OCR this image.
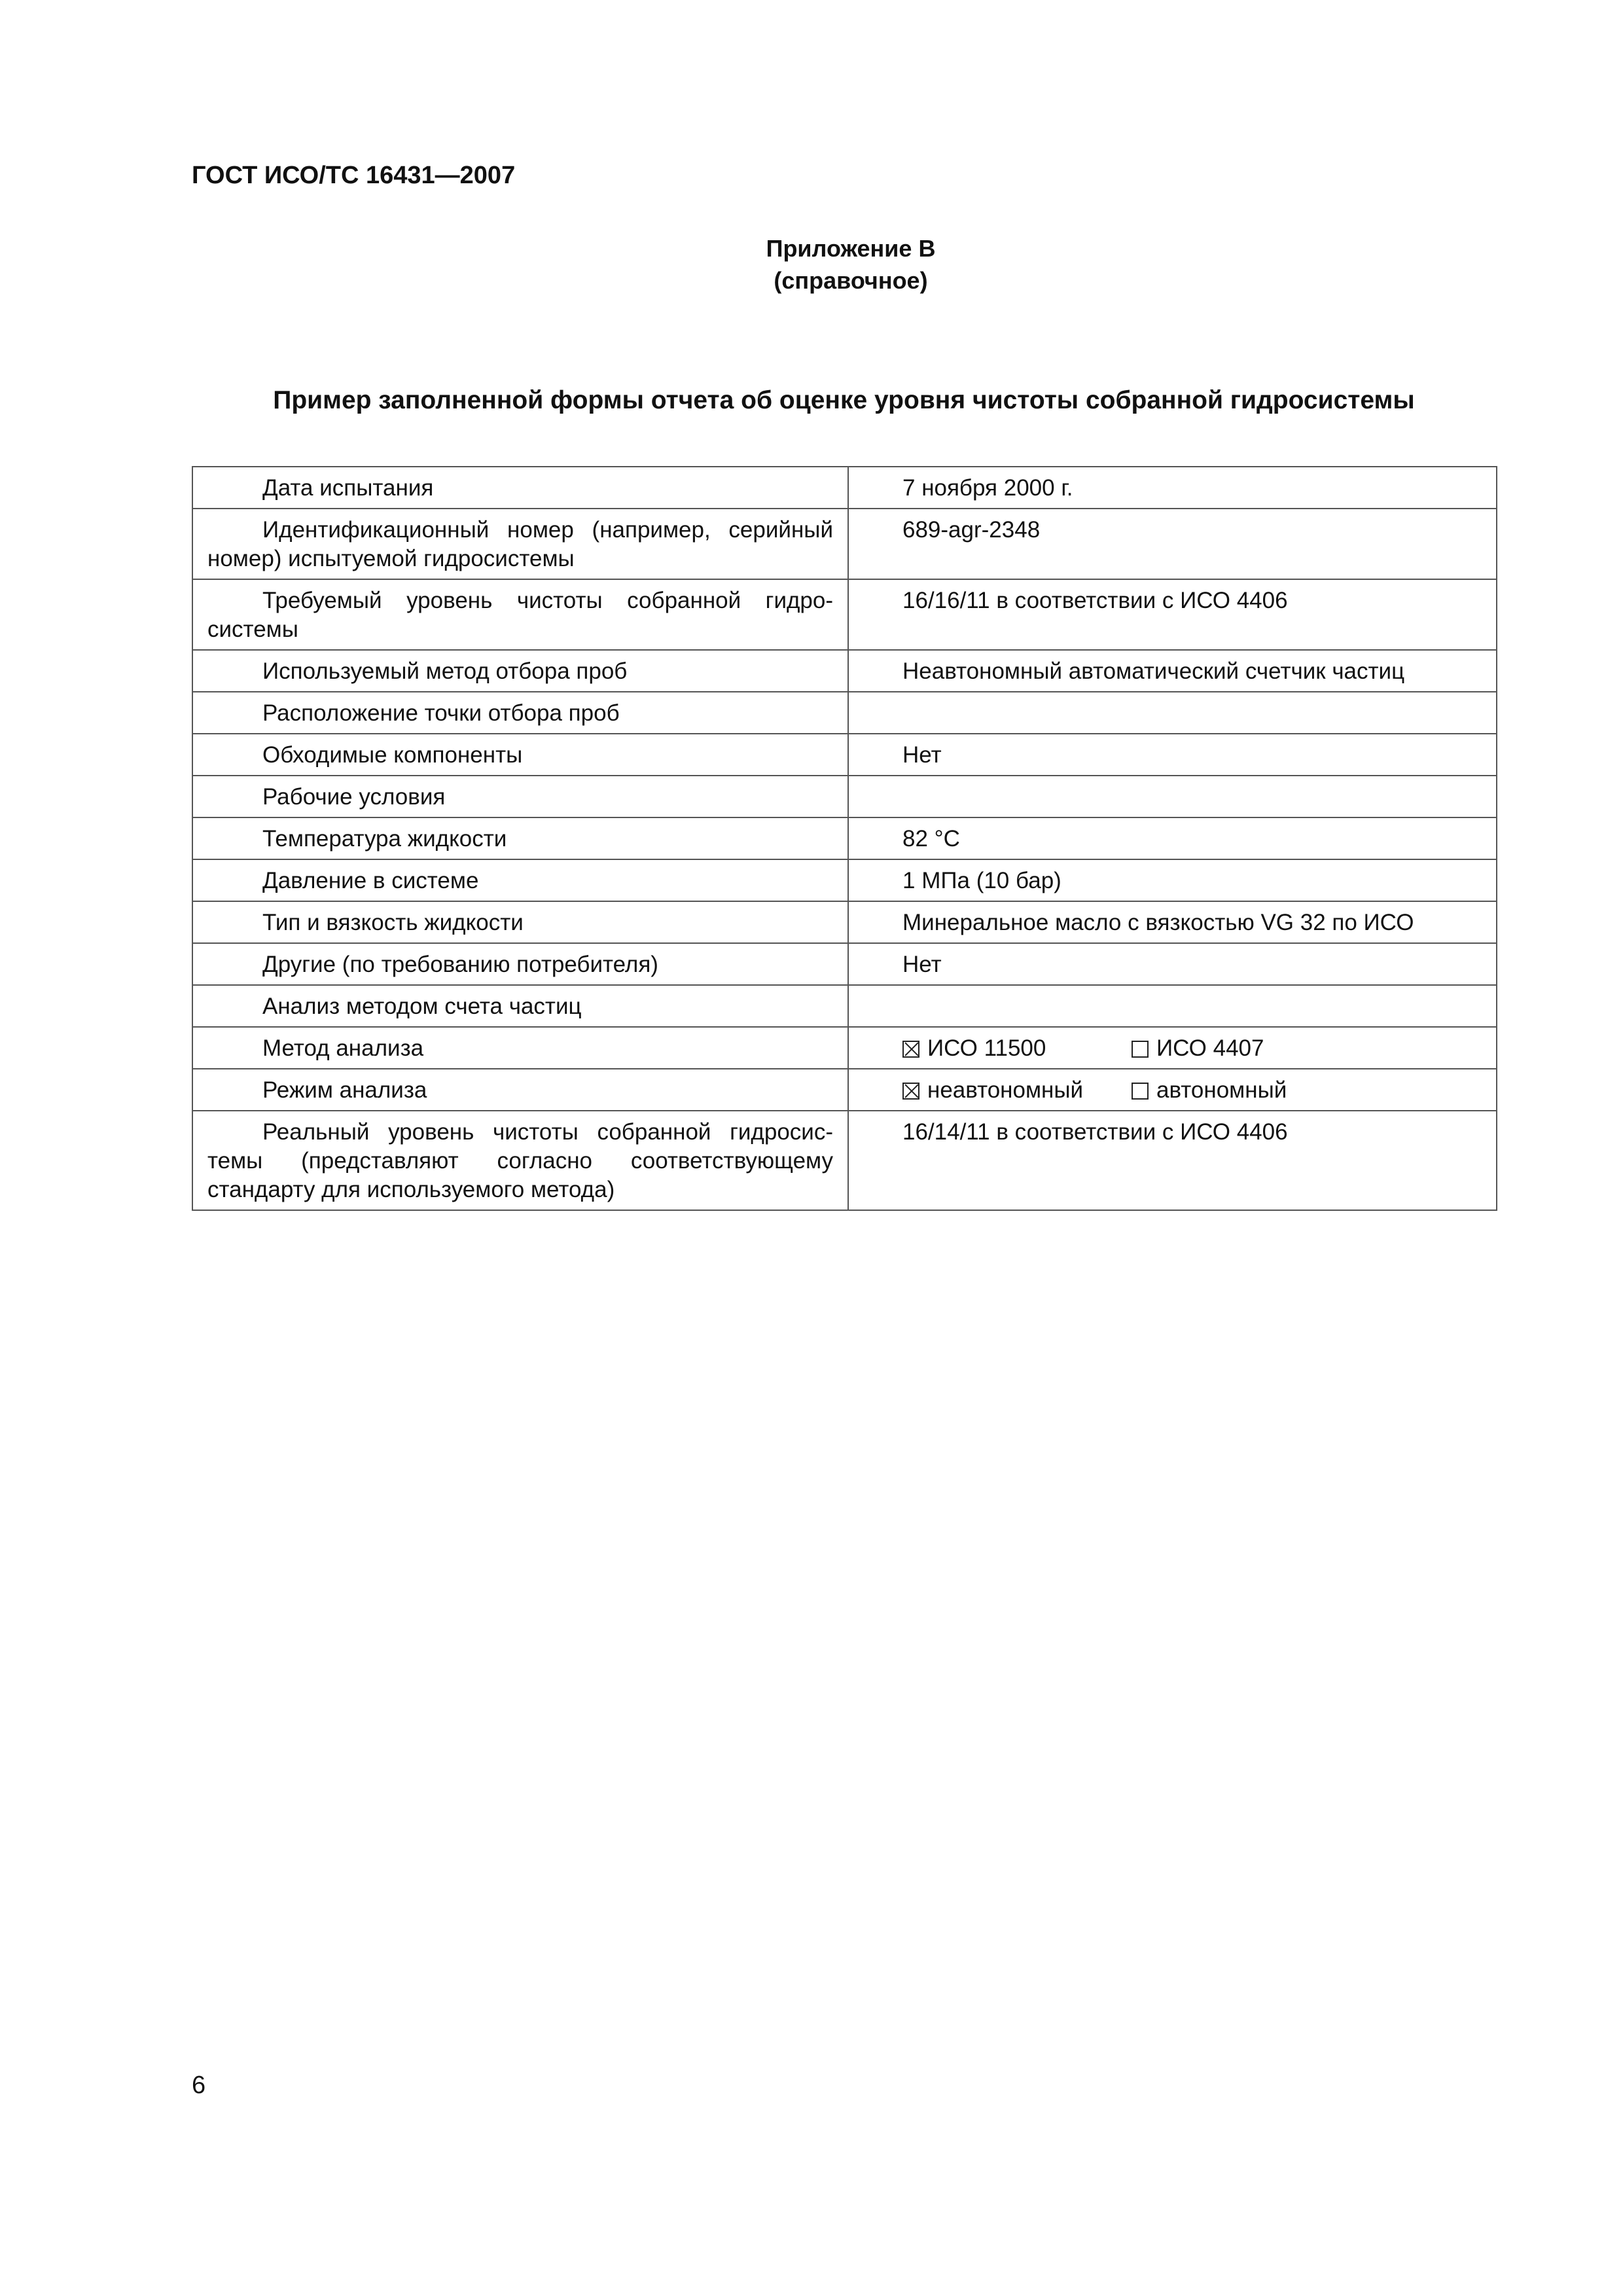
ГОСТ ИСО/ТС 16431—2007
Приложение В
(справочное)
Пример заполненной формы отчета об оценке уровня чистоты собранной гидросистемы
Дата испытания	7 ноября 2000 г.

Идентификационный номер (например, серийный номер) испытуемой гидросистемы	689-agr-2348

Требуемый уровень чистоты собранной гидро-системы	16/16/11 в соответствии с ИСО 4406

Используемый метод отбора проб	Неавтономный автоматический счетчик частиц

Расположение точки отбора проб	

Обходимые компоненты	Нет

Рабочие условия	

Температура жидкости	82 °C

Давление в системе	1 МПа (10 бар)

Тип и вязкость жидкости	Минеральное масло с вязкостью VG 32 по ИСО

Другие (по требованию потребителя)	Нет

Анализ методом счета частиц	

Метод анализа	ИСО 11500 ИСО 4407

Режим анализа	неавтономный автономный

Реальный уровень чистоты собранной гидросис-темы (представляют согласно соответствующему стандарту для используемого метода)	16/14/11 в соответствии с ИСО 4406
6
